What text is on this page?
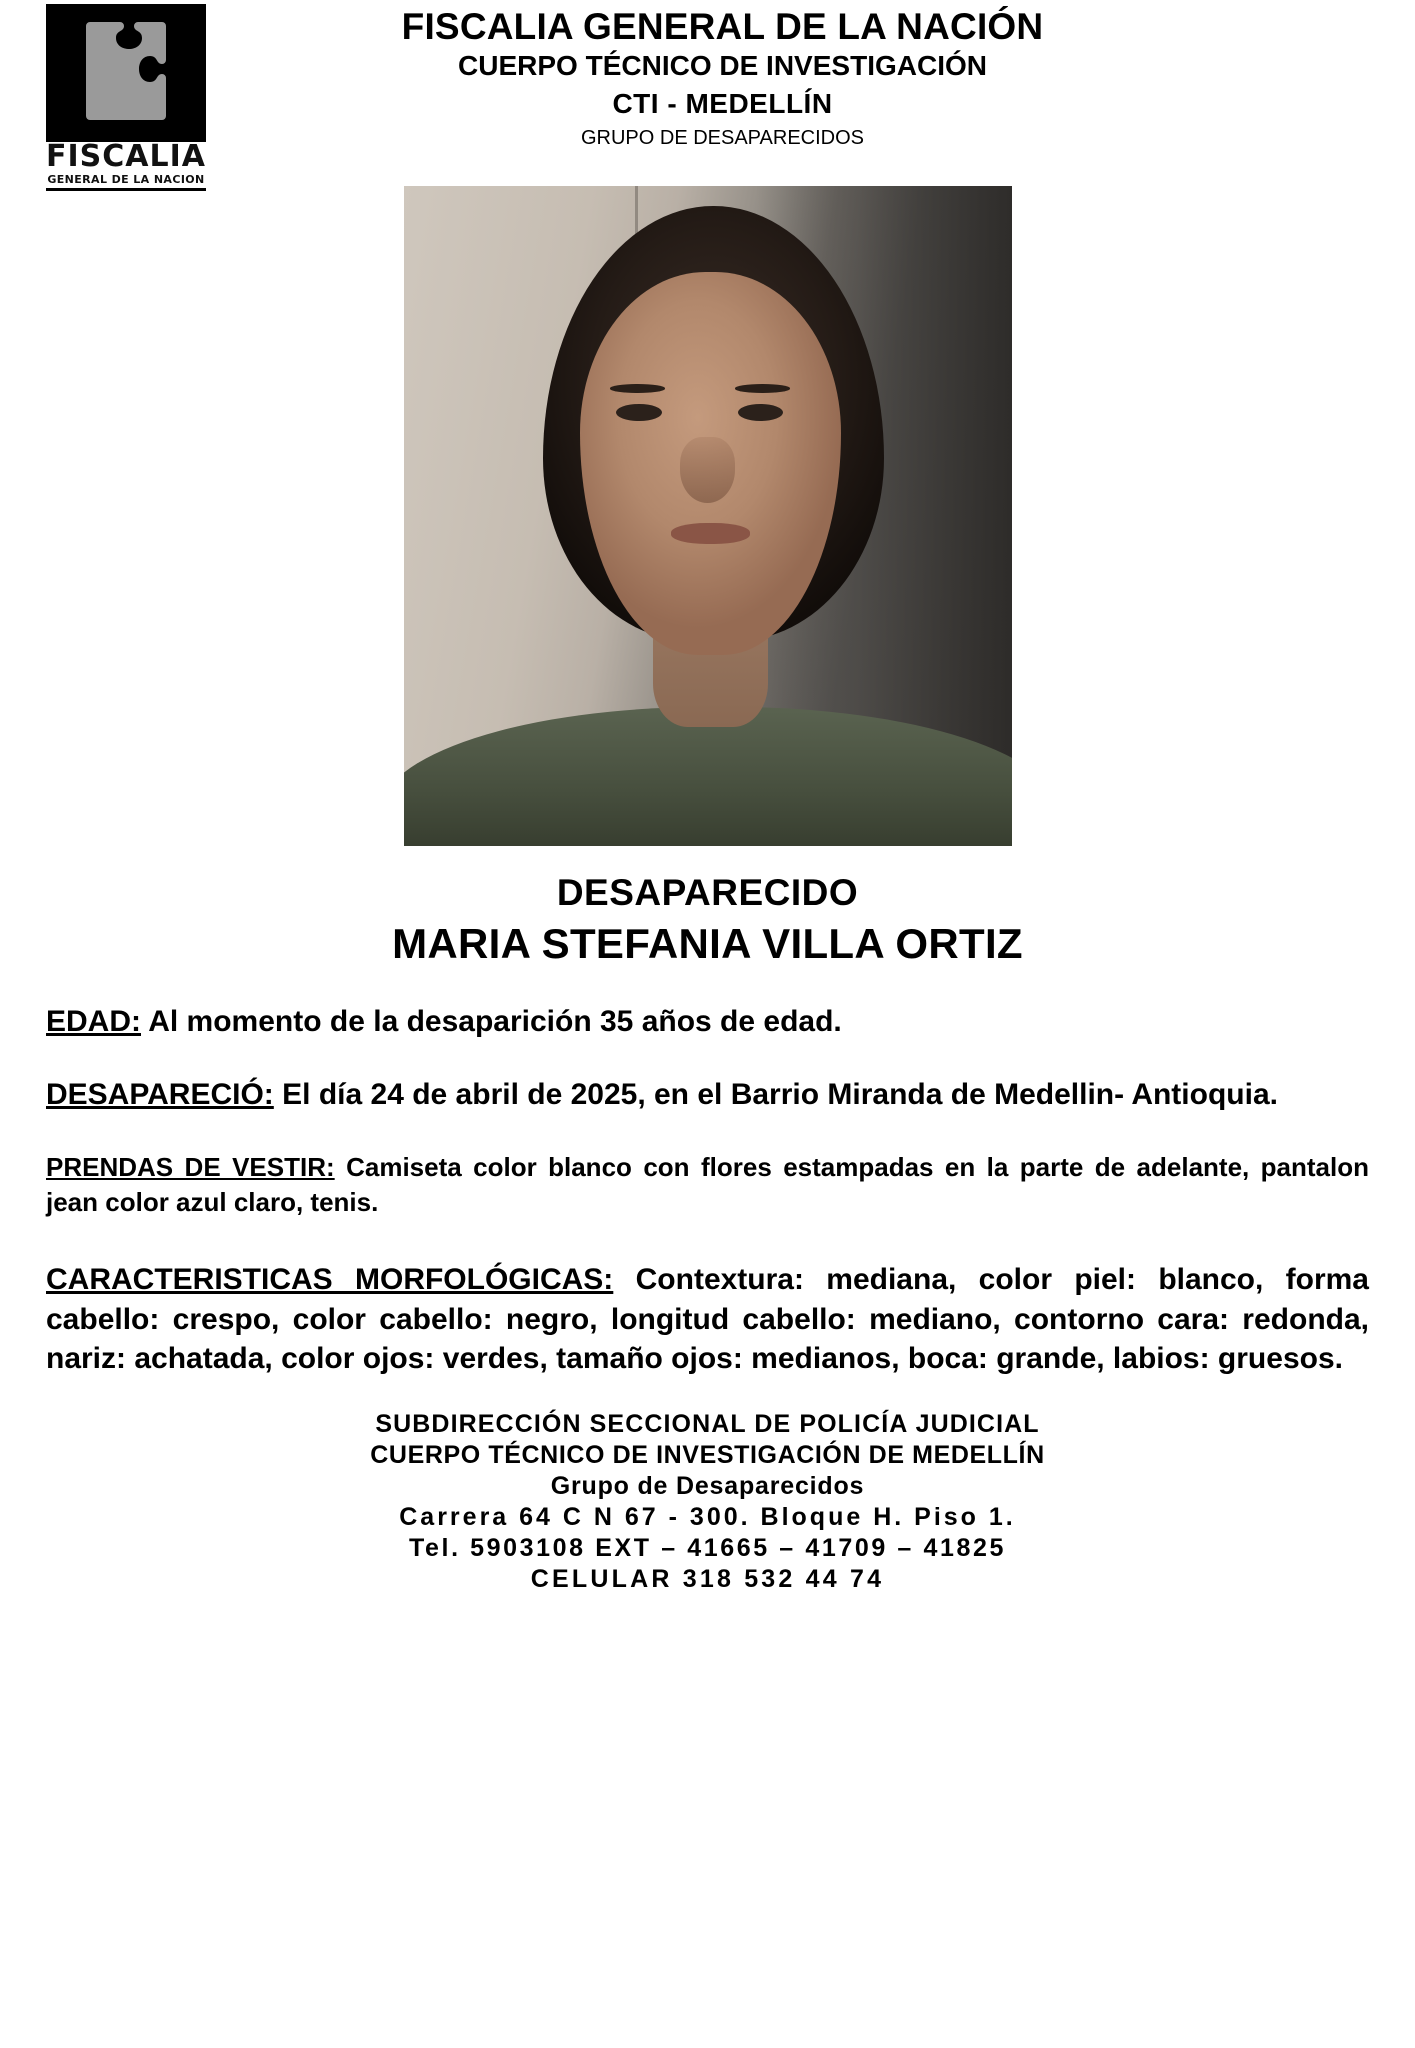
FISCALIA
GENERAL DE LA NACION
FISCALIA GENERAL DE LA NACIÓN
CUERPO TÉCNICO DE INVESTIGACIÓN
CTI - MEDELLÍN
GRUPO DE DESAPARECIDOS
DESAPARECIDO
MARIA STEFANIA VILLA ORTIZ
EDAD: Al momento de la desaparición 35 años de edad.
DESAPARECIÓ: El día 24 de abril de 2025, en el Barrio Miranda de Medellin- Antioquia.
PRENDAS DE VESTIR: Camiseta color blanco con flores estampadas en la parte de adelante, pantalon jean color azul claro, tenis.
CARACTERISTICAS MORFOLÓGICAS: Contextura: mediana, color piel: blanco, forma cabello: crespo, color cabello: negro, longitud cabello: mediano, contorno cara: redonda, nariz: achatada, color ojos: verdes, tamaño ojos: medianos, boca: grande, labios: gruesos.
SUBDIRECCIÓN SECCIONAL DE POLICÍA JUDICIAL
CUERPO TÉCNICO DE INVESTIGACIÓN DE MEDELLÍN
Grupo de Desaparecidos
Carrera 64 C N 67 - 300. Bloque H. Piso 1.
Tel. 5903108 EXT – 41665 – 41709 – 41825
CELULAR 318 532 44 74
